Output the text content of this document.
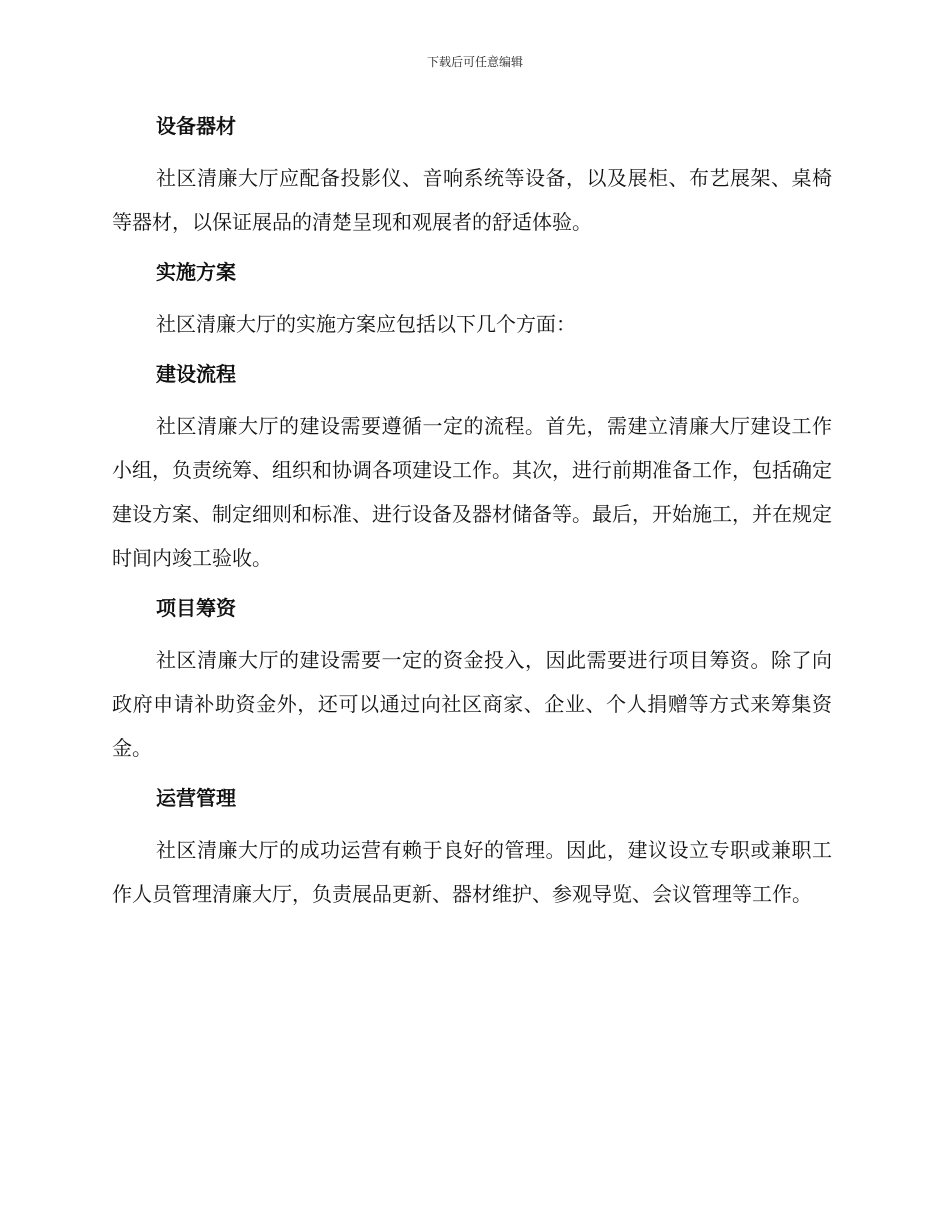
下载后可任意编辑
设备器材
社区清廉大厅应配备投影仪、音响系统等设备，以及展柜、布艺展架、桌椅等器材，以保证展品的清楚呈现和观展者的舒适体验。
实施方案
社区清廉大厅的实施方案应包括以下几个方面：
建设流程
社区清廉大厅的建设需要遵循一定的流程。首先，需建立清廉大厅建设工作小组，负责统筹、组织和协调各项建设工作。其次，进行前期准备工作，包括确定建设方案、制定细则和标准、进行设备及器材储备等。最后，开始施工，并在规定时间内竣工验收。
项目筹资
社区清廉大厅的建设需要一定的资金投入，因此需要进行项目筹资。除了向政府申请补助资金外，还可以通过向社区商家、企业、个人捐赠等方式来筹集资金。
运营管理
社区清廉大厅的成功运营有赖于良好的管理。因此，建议设立专职或兼职工作人员管理清廉大厅，负责展品更新、器材维护、参观导览、会议管理等工作。
